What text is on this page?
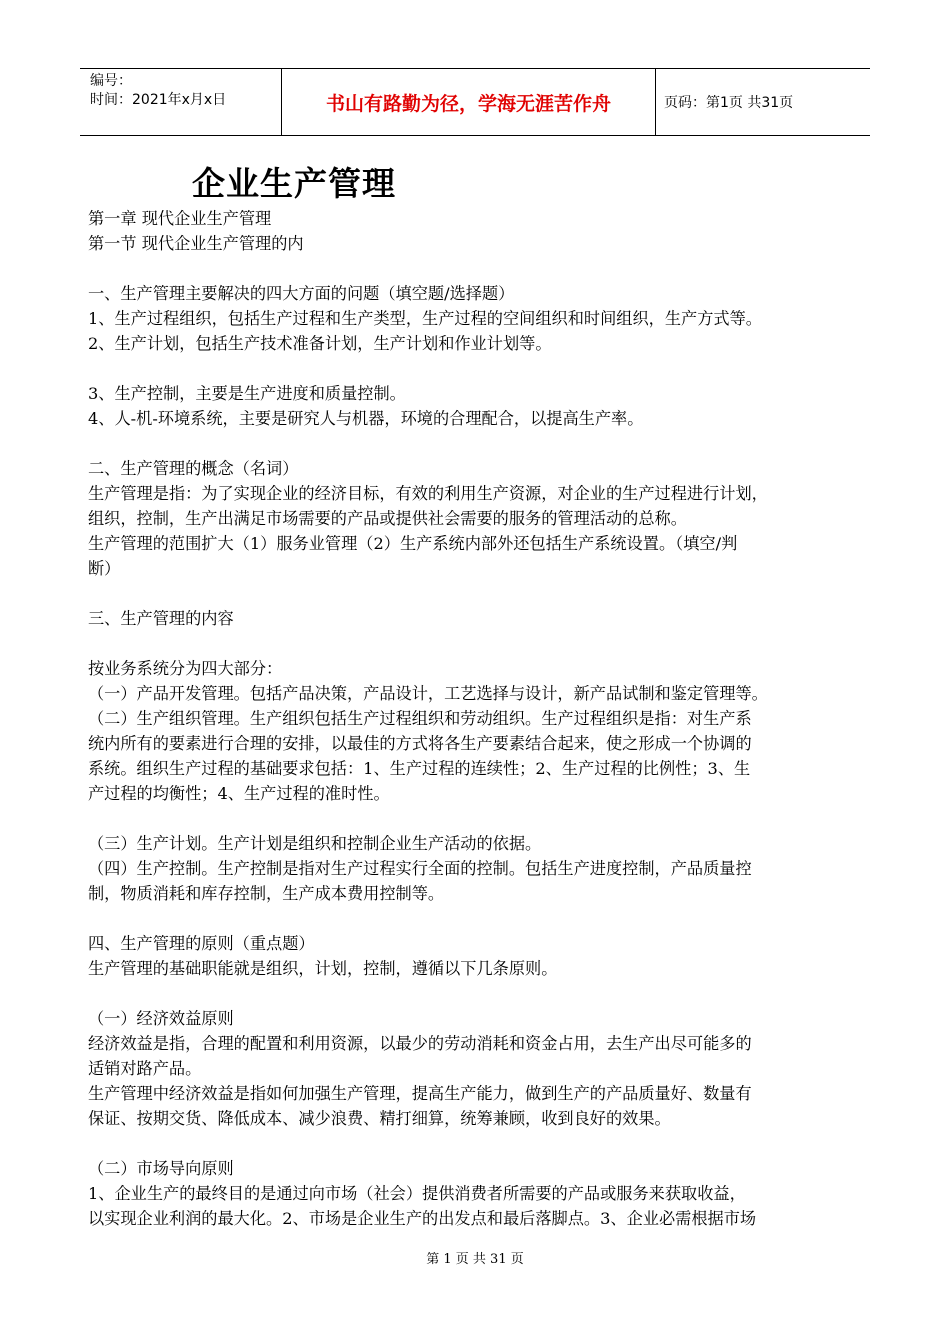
编号：
时间：2021年x月x日	书山有路勤为径，学海无涯苦作舟	页码：第1页 共31页
企业生产管理
第一章 现代企业生产管理
第一节 现代企业生产管理的内
一、生产管理主要解决的四大方面的问题（填空题/选择题）
1、生产过程组织，包括生产过程和生产类型，生产过程的空间组织和时间组织，生产方式等。
2、生产计划，包括生产技术准备计划，生产计划和作业计划等。
3、生产控制，主要是生产进度和质量控制。
4、人-机-环境系统，主要是研究人与机器，环境的合理配合，以提高生产率。
二、生产管理的概念（名词）
生产管理是指：为了实现企业的经济目标，有效的利用生产资源，对企业的生产过程进行计划，
组织，控制，生产出满足市场需要的产品或提供社会需要的服务的管理活动的总称。
生产管理的范围扩大（1）服务业管理（2）生产系统内部外还包括生产系统设置。（填空/判
断）
三、生产管理的内容
按业务系统分为四大部分：
（一）产品开发管理。包括产品决策，产品设计，工艺选择与设计，新产品试制和鉴定管理等。
（二）生产组织管理。生产组织包括生产过程组织和劳动组织。生产过程组织是指：对生产系
统内所有的要素进行合理的安排，以最佳的方式将各生产要素结合起来，使之形成一个协调的
系统。组织生产过程的基础要求包括：1、生产过程的连续性；2、生产过程的比例性；3、生
产过程的均衡性；4、生产过程的准时性。
（三）生产计划。生产计划是组织和控制企业生产活动的依据。
（四）生产控制。生产控制是指对生产过程实行全面的控制。包括生产进度控制，产品质量控
制，物质消耗和库存控制，生产成本费用控制等。
四、生产管理的原则（重点题）
生产管理的基础职能就是组织，计划，控制，遵循以下几条原则。
（一）经济效益原则
经济效益是指，合理的配置和利用资源，以最少的劳动消耗和资金占用，去生产出尽可能多的
适销对路产品。
生产管理中经济效益是指如何加强生产管理，提高生产能力，做到生产的产品质量好、数量有
保证、按期交货、降低成本、减少浪费、精打细算，统筹兼顾，收到良好的效果。
（二）市场导向原则
1、企业生产的最终目的是通过向市场（社会）提供消费者所需要的产品或服务来获取收益，
以实现企业利润的最大化。2、市场是企业生产的出发点和最后落脚点。3、企业必需根据市场
第 1 页 共 31 页
